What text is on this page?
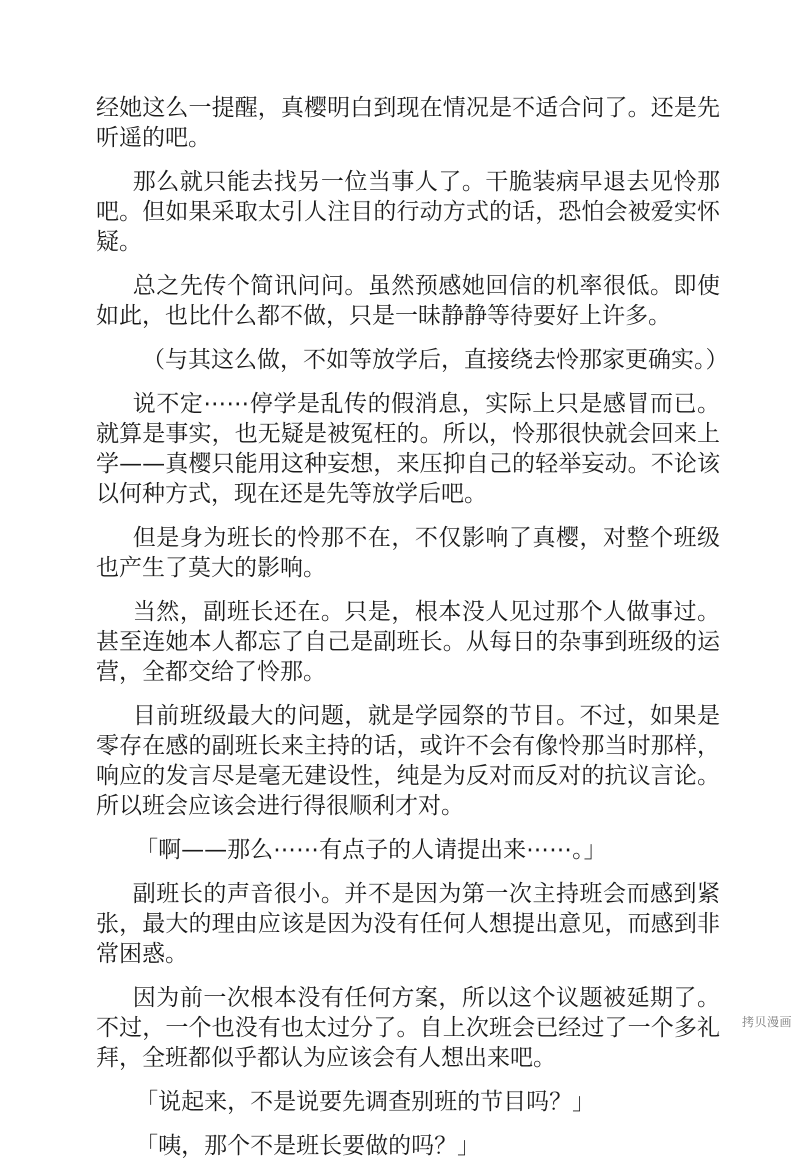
经她这么一提醒，真樱明白到现在情况是不适合问了。还是先听遥的吧。

那么就只能去找另一位当事人了。干脆装病早退去见怜那吧。但如果采取太引人注目的行动方式的话，恐怕会被爱实怀疑。

总之先传个简讯问问。虽然预感她回信的机率很低。即使如此，也比什么都不做，只是一昧静静等待要好上许多。

（与其这么做，不如等放学后，直接绕去怜那家更确实。）

说不定⋯⋯停学是乱传的假消息，实际上只是感冒而已。就算是事实，也无疑是被冤枉的。所以，怜那很快就会回来上学——真樱只能用这种妄想，来压抑自己的轻举妄动。不论该以何种方式，现在还是先等放学后吧。

但是身为班长的怜那不在，不仅影响了真樱，对整个班级也产生了莫大的影响。

当然，副班长还在。只是，根本没人见过那个人做事过。甚至连她本人都忘了自己是副班长。从每日的杂事到班级的运营，全都交给了怜那。

目前班级最大的问题，就是学园祭的节目。不过，如果是零存在感的副班长来主持的话，或许不会有像怜那当时那样，响应的发言尽是毫无建设性，纯是为反对而反对的抗议言论。所以班会应该会进行得很顺利才对。

「啊——那么⋯⋯有点子的人请提出来⋯⋯。」

副班长的声音很小。并不是因为第一次主持班会而感到紧张，最大的理由应该是因为没有任何人想提出意见，而感到非常困惑。

因为前一次根本没有任何方案，所以这个议题被延期了。不过，一个也没有也太过分了。自上次班会已经过了一个多礼拜，全班都似乎都认为应该会有人想出来吧。

「说起来，不是说要先调查别班的节目吗？」

「咦，那个不是班长要做的吗？」

拷贝漫画
